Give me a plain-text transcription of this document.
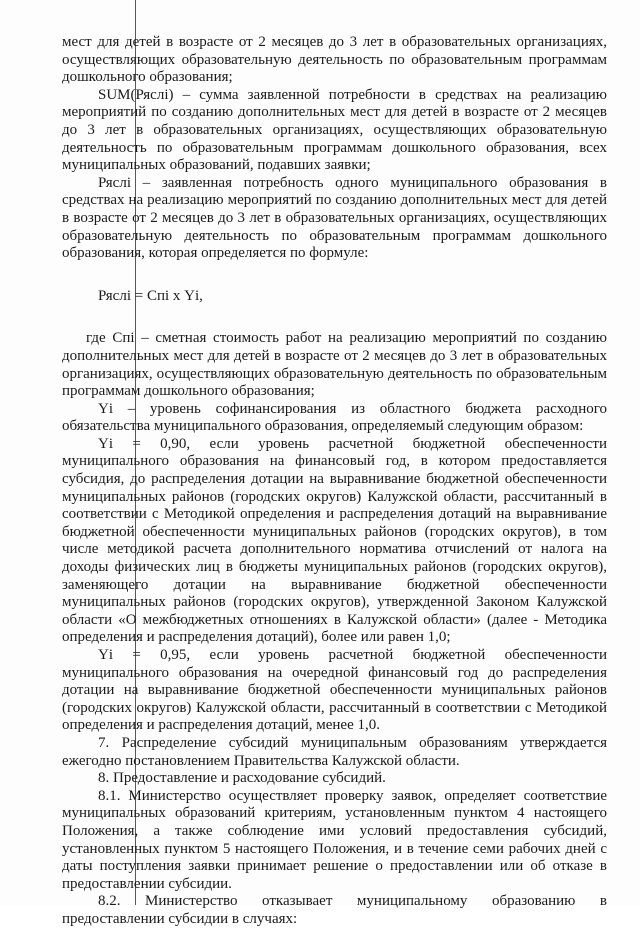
мест для детей в возрасте от 2 месяцев до 3 лет в образовательных организациях, осуществляющих образовательную деятельность по образовательным программам дошкольного образования;

SUM(Ряслі) – сумма заявленной потребности в средствах на реализацию мероприятий по созданию дополнительных мест для детей в возрасте от 2 месяцев до 3 лет в образовательных организациях, осуществляющих образовательную деятельность по образовательным программам дошкольного образования, всех муниципальных образований, подавших заявки;

Ряслі – заявленная потребность одного муниципального образования в средствах на реализацию мероприятий по созданию дополнительных мест для детей в возрасте от 2 месяцев до 3 лет в образовательных организациях, осуществляющих образовательную деятельность по образовательным программам дошкольного образования, которая определяется по формуле:

Ряслі = Спі х Yі,

где Спі – сметная стоимость работ на реализацию мероприятий по созданию дополнительных мест для детей в возрасте от 2 месяцев до 3 лет в образовательных организациях, осуществляющих образовательную деятельность по образовательным программам дошкольного образования;

Yі – уровень софинансирования из областного бюджета расходного обязательства муниципального образования, определяемый следующим образом:

Yі = 0,90, если уровень расчетной бюджетной обеспеченности муниципального образования на финансовый год, в котором предоставляется субсидия, до распределения дотации на выравнивание бюджетной обеспеченности муниципальных районов (городских округов) Калужской области, рассчитанный в соответствии с Методикой определения и распределения дотаций на выравнивание бюджетной обеспеченности муниципальных районов (городских округов), в том числе методикой расчета дополнительного норматива отчислений от налога на доходы физических лиц в бюджеты муниципальных районов (городских округов), заменяющего дотации на выравнивание бюджетной обеспеченности муниципальных районов (городских округов), утвержденной Законом Калужской области «О межбюджетных отношениях в Калужской области» (далее - Методика определения и распределения дотаций), более или равен 1,0;

Yі = 0,95, если уровень расчетной бюджетной обеспеченности муниципального образования на очередной финансовый год до распределения дотации на выравнивание бюджетной обеспеченности муниципальных районов (городских округов) Калужской области, рассчитанный в соответствии с Методикой определения и распределения дотаций, менее 1,0.

7. Распределение субсидий муниципальным образованиям утверждается ежегодно постановлением Правительства Калужской области.

8. Предоставление и расходование субсидий.

8.1. Министерство осуществляет проверку заявок, определяет соответствие муниципальных образований критериям, установленным пунктом 4 настоящего Положения, а также соблюдение ими условий предоставления субсидий, установленных пунктом 5 настоящего Положения, и в течение семи рабочих дней с даты поступления заявки принимает решение о предоставлении или об отказе в предоставлении субсидии.

8.2. Министерство отказывает муниципальному образованию в предоставлении субсидии в случаях:
